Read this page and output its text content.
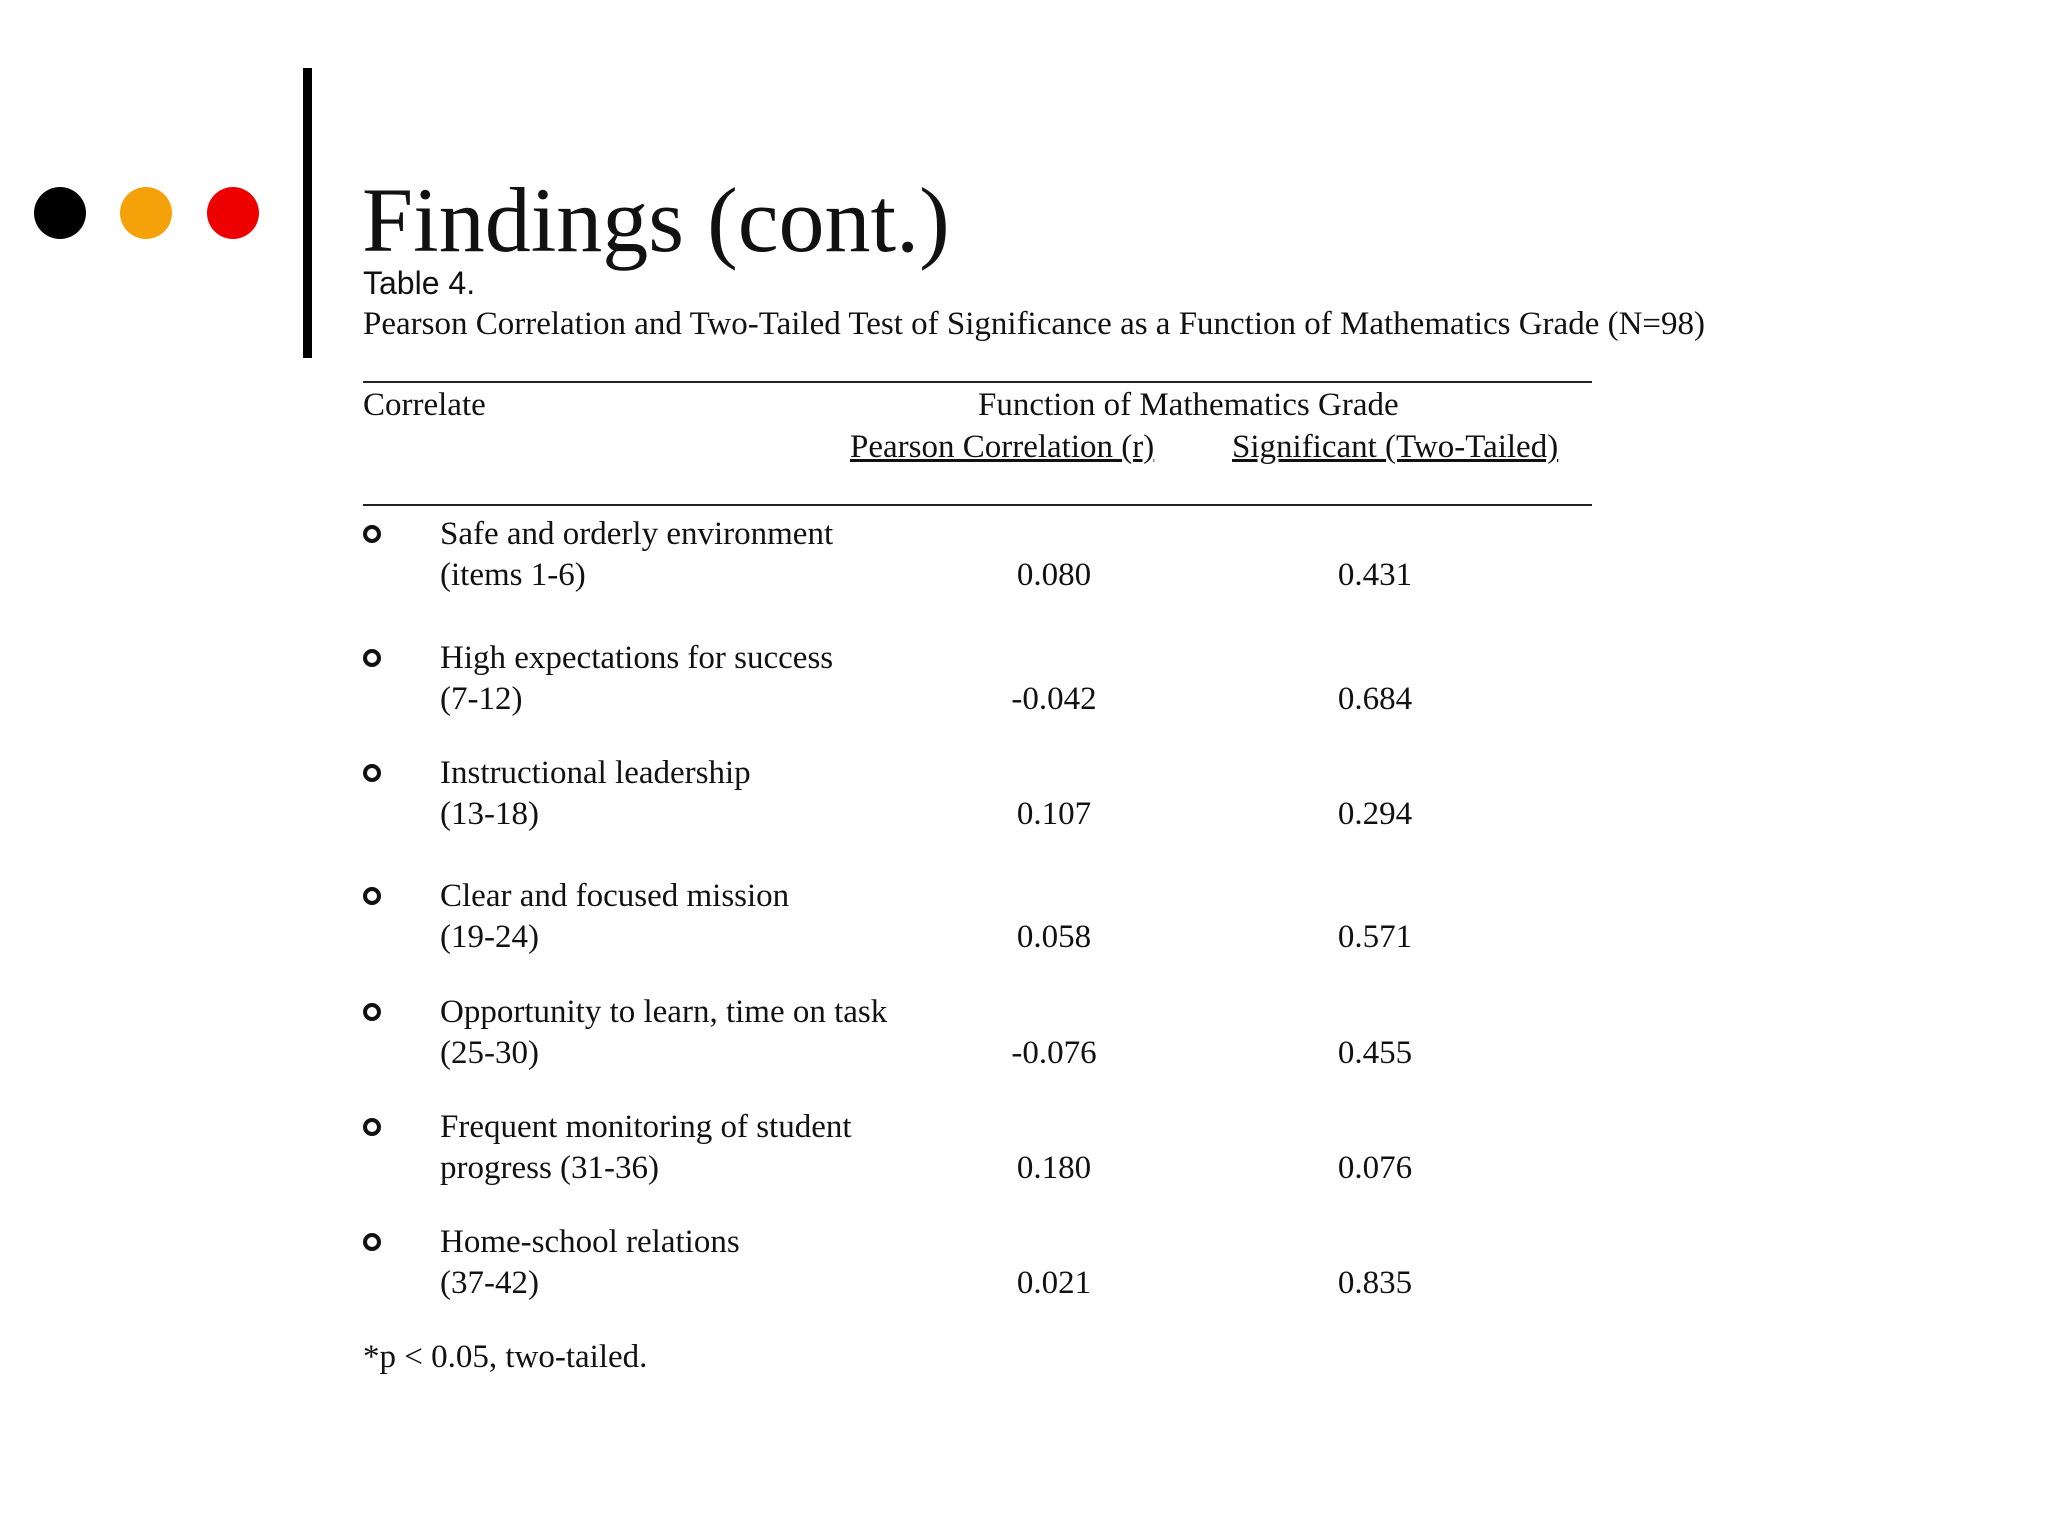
Findings (cont.)
Table 4.
Pearson Correlation and Two-Tailed Test of Significance as a Function of Mathematics Grade (N=98)
Correlate	Function of Mathematics Grade
Pearson Correlation (r) Significant (Two-Tailed)
Safe and orderly environment
(items 1-6)	0.080	0.431
High expectations for success
(7-12)	-0.042	0.684
Instructional leadership
(13-18)	0.107	0.294
Clear and focused mission
(19-24)	0.058	0.571
Opportunity to learn, time on task
(25-30)	-0.076	0.455
Frequent monitoring of student
progress (31-36)	0.180	0.076
Home-school relations
(37-42)	0.021	0.835
*p < 0.05, two-tailed.
